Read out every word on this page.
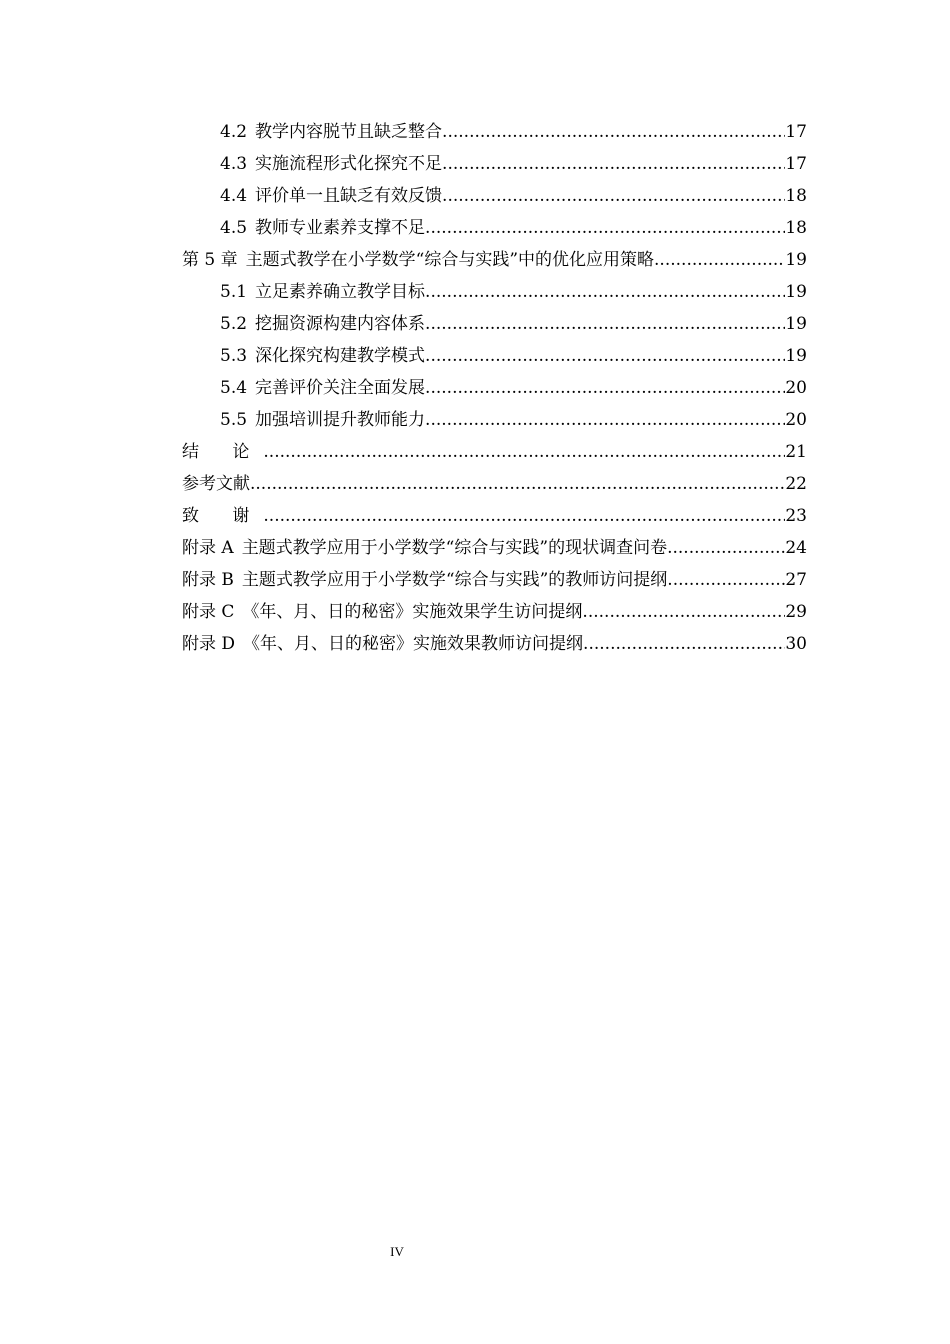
4.2 教学内容脱节且缺乏整合 .....	17
4.3 实施流程形式化探究不足 .....	17
4.4 评价单一且缺乏有效反馈 .....	18
4.5 教师专业素养支撑不足 .....	18
第 5 章 主题式教学在小学数学“综合与实践”中的优化应用策略 .....	19
5.1 立足素养确立教学目标 .....	19
5.2 挖掘资源构建内容体系 .....	19
5.3 深化探究构建教学模式 .....	19
5.4 完善评价关注全面发展 .....	20
5.5 加强培训提升教师能力 .....	20
结 论 .....	21
参考文献 .....	22
致 谢 .....	23
附录 A 主题式教学应用于小学数学“综合与实践”的现状调查问卷 .....	24
附录 B 主题式教学应用于小学数学“综合与实践”的教师访问提纲 .....	27
附录 C 《年、月、日的秘密》实施效果学生访问提纲 .....	29
附录 D 《年、月、日的秘密》实施效果教师访问提纲 .....	30
IV
